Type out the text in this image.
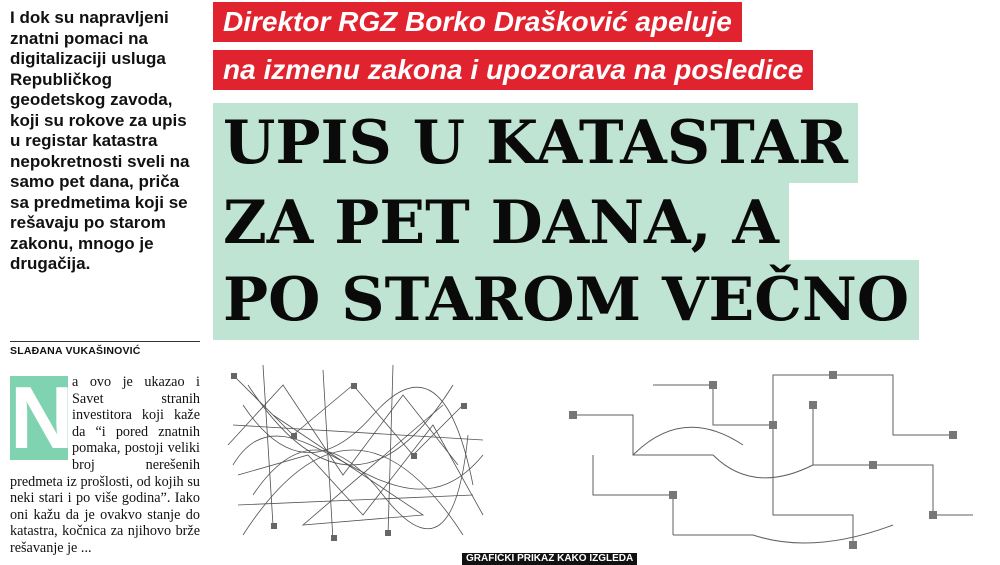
I dok su napravljeni znatni pomaci na digitalizaciji usluga Republičkog geodetskog zavoda, koji su rokove za upis u registar katastra nepokretnosti sveli na samo pet dana, priča sa predmetima koji se rešavaju po starom zakonu, mnogo je drugačija.
SLAĐANA VUKAŠINOVIĆ
N
a ovo je ukazao i Savet stranih investitora koji kaže da “i pored znatnih pomaka, postoji veliki broj nerešenih predmeta iz prošlosti, od kojih su neki stari i po više godina”. Iako oni kažu da je ovakvo stanje do katastra, kočnica za njihovo brže rešavanje je ...
Direktor RGZ Borko Drašković apeluje
na izmenu zakona i upozorava na posledice
UPIS U KATASTAR
ZA PET DANA, A
PO STAROM VEČNO
GRAFIČKI PRIKAZ KAKO IZGLEDA
